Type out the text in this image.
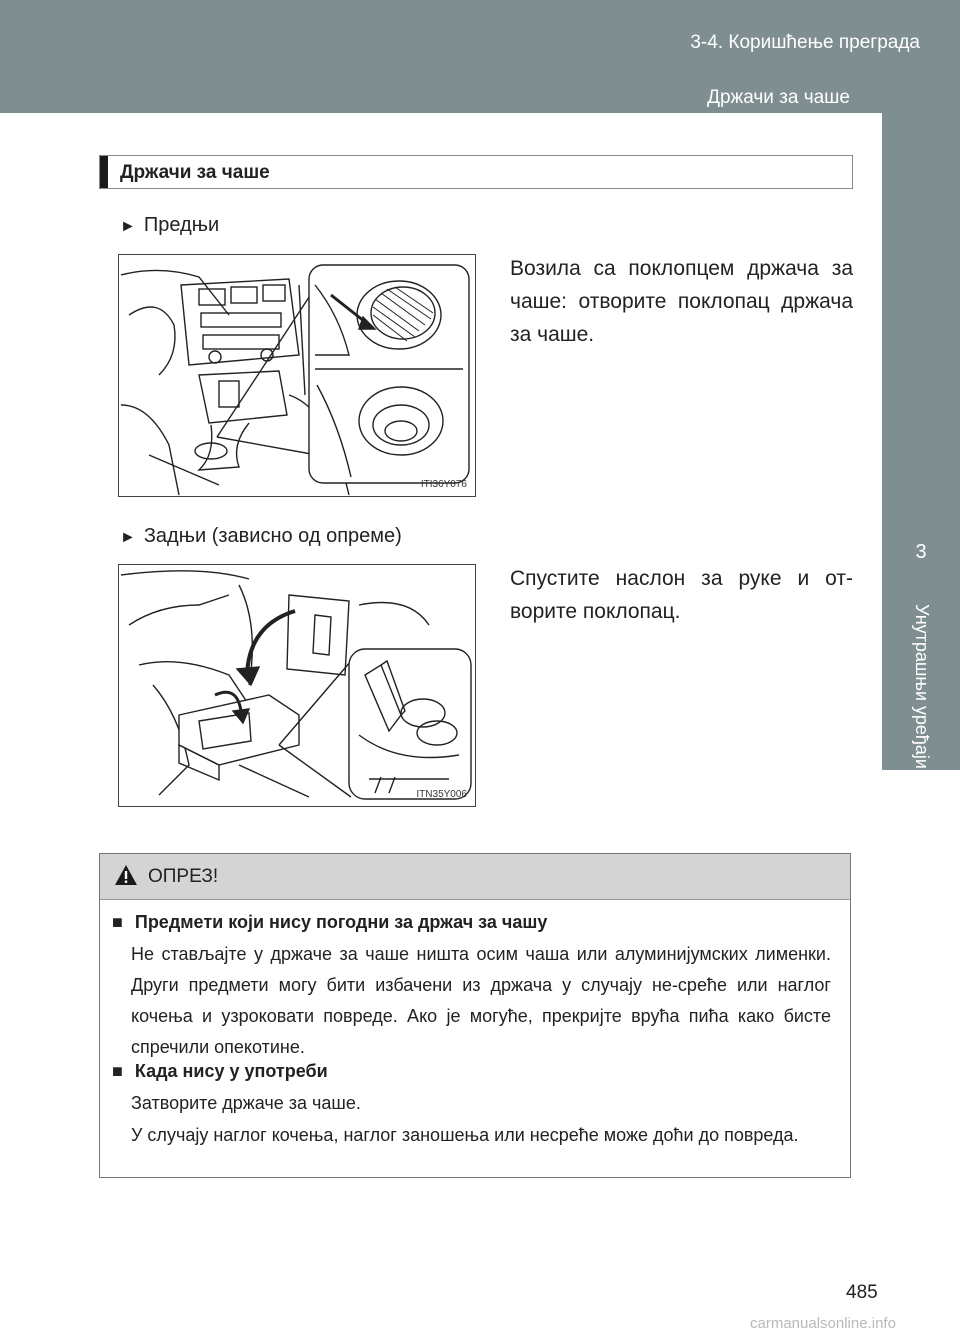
3-4. Коришћење преграда
Држачи за чаше
3
Унутрашњи уређаји
Држачи за чаше
► Предњи
ITI36Y076
Возила са поклопцем држача за чаше: отворите поклопац држача за чаше.
► Задњи (зависно од опреме)
ITN35Y006
Спустите наслон за руке и от-ворите поклопац.
ОПРЕЗ!
■ Предмети који нису погодни за држач за чашу
Не стављајте у држаче за чаше ништа осим чаша или алуминијумских лименки. Други предмети могу бити избачени из држача у случају не-среће или наглог кочења и узроковати повреде. Ако је могуће, прекријте врућа пића како бисте спречили опекотине.
■ Када нису у употреби
Затворите држаче за чаше.
У случају наглог кочења, наглог заношења или несреће може доћи до повреда.
485
carmanualsonline.info
